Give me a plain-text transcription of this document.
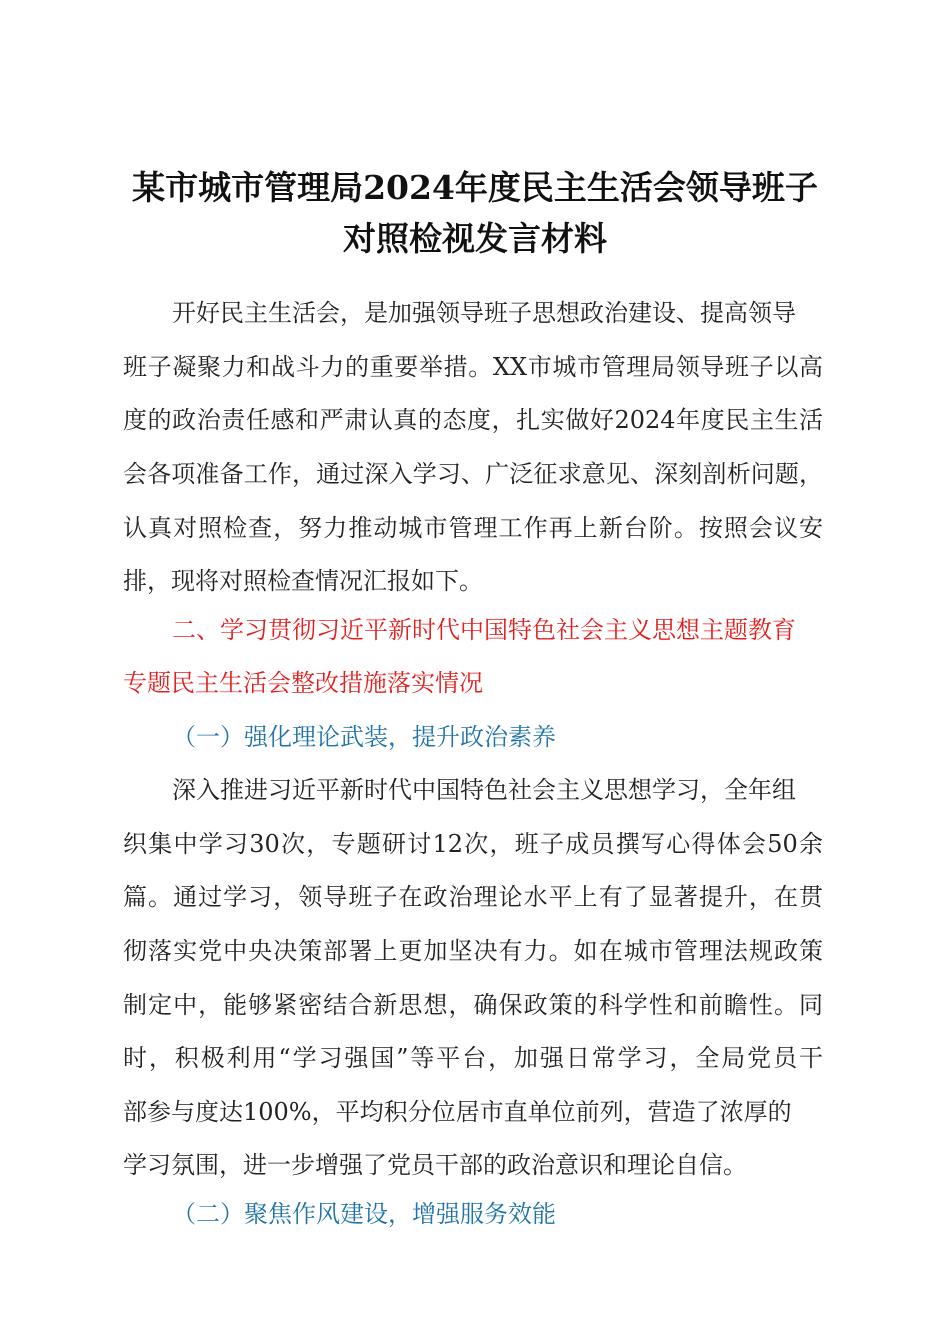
某市城市管理局2024年度民主生活会领导班子
对照检视发言材料
开好民主生活会，是加强领导班子思想政治建设、提高领导
班子凝聚力和战斗力的重要举措。XX市城市管理局领导班子以高
度的政治责任感和严肃认真的态度，扎实做好2024年度民主生活
会各项准备工作，通过深入学习、广泛征求意见、深刻剖析问题，
认真对照检查，努力推动城市管理工作再上新台阶。按照会议安
排，现将对照检查情况汇报如下。
二、学习贯彻习近平新时代中国特色社会主义思想主题教育
专题民主生活会整改措施落实情况
（一）强化理论武装，提升政治素养
深入推进习近平新时代中国特色社会主义思想学习，全年组
织集中学习30次，专题研讨12次，班子成员撰写心得体会50余
篇。通过学习，领导班子在政治理论水平上有了显著提升，在贯
彻落实党中央决策部署上更加坚决有力。如在城市管理法规政策
制定中，能够紧密结合新思想，确保政策的科学性和前瞻性。同
时，积极利用“学习强国”等平台，加强日常学习，全局党员干
部参与度达100%，平均积分位居市直单位前列，营造了浓厚的
学习氛围，进一步增强了党员干部的政治意识和理论自信。
（二）聚焦作风建设，增强服务效能
